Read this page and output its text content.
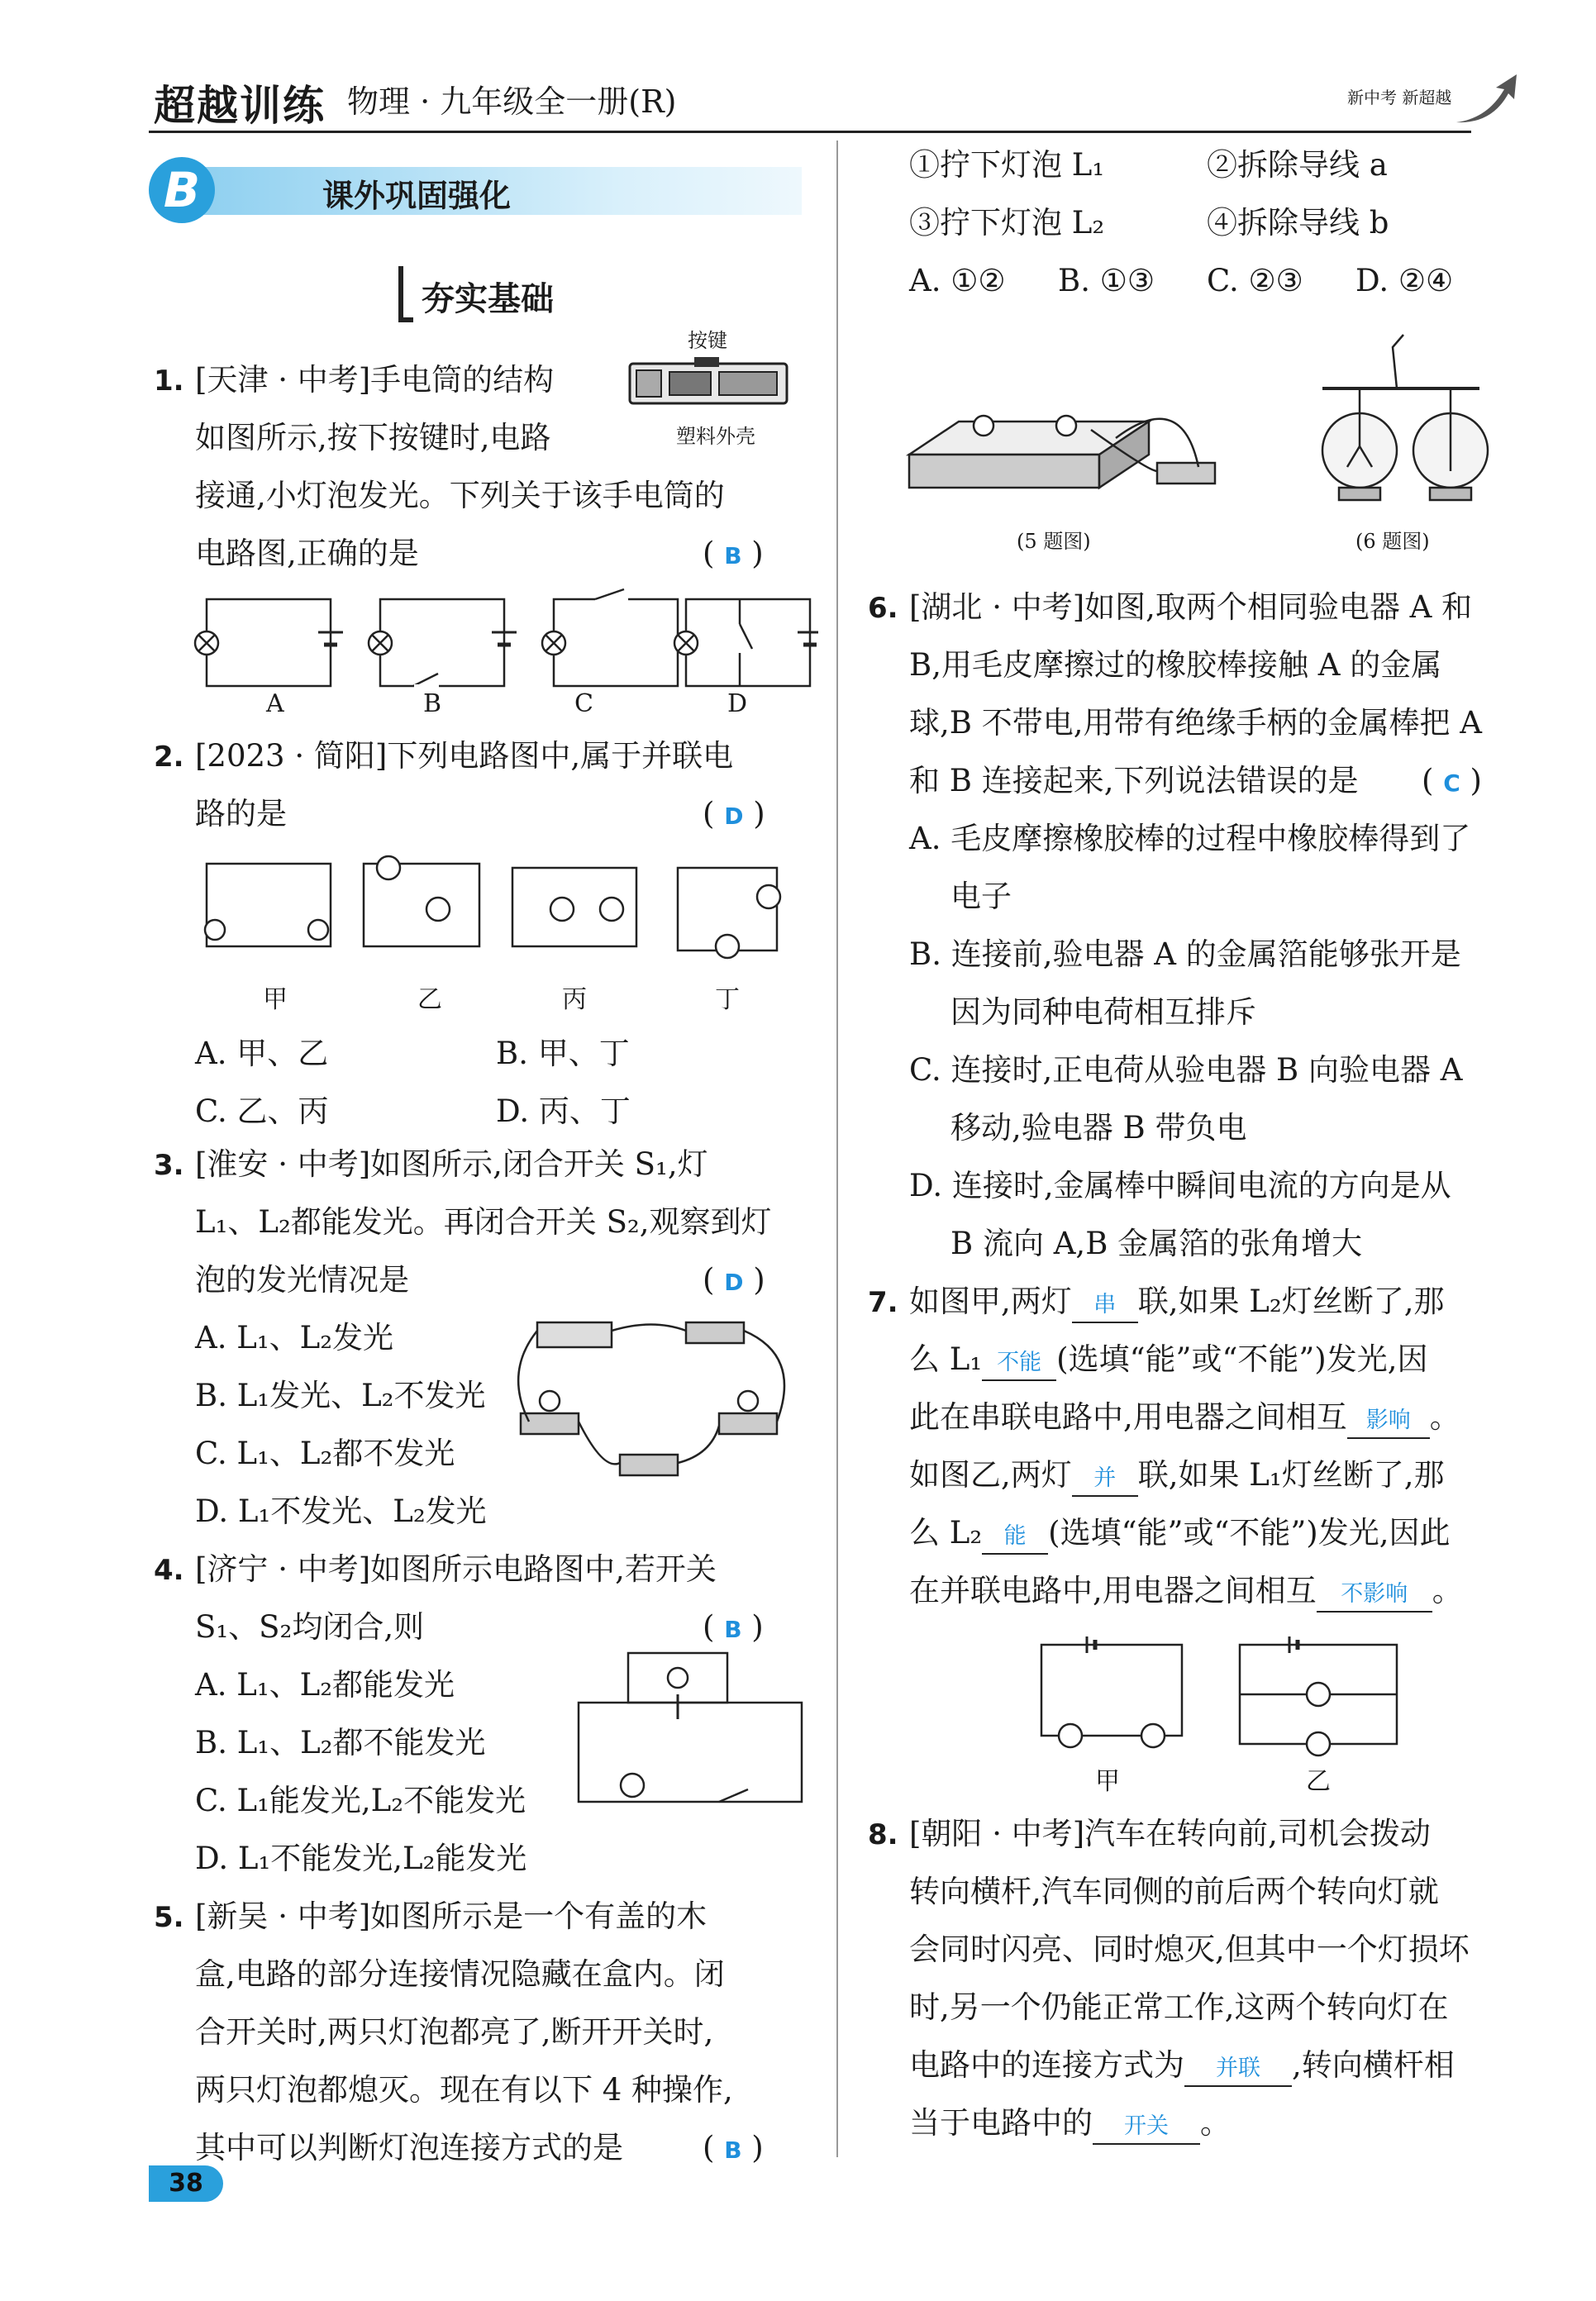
超越训练 物理 · 九年级全一册(R)	新中考 新超越
B	课外巩固强化
夯实基础
1. [天津 · 中考]手电筒的结构
如图所示,按下按键时,电路
接通,小灯泡发光。下列关于该手电筒的
电路图,正确的是	( B )
按键
塑料外壳
A	B	C	D
2. [2023 · 简阳]下列电路图中,属于并联电
路的是	( D )
甲	乙	丙	丁
A. 甲、乙	B. 甲、丁
C. 乙、丙	D. 丙、丁
3. [淮安 · 中考]如图所示,闭合开关 S₁,灯
L₁、L₂都能发光。再闭合开关 S₂,观察到灯
泡的发光情况是	( D )
A. L₁、L₂发光
B. L₁发光、L₂不发光
C. L₁、L₂都不发光
D. L₁不发光、L₂发光
4. [济宁 · 中考]如图所示电路图中,若开关
S₁、S₂均闭合,则	( B )
A. L₁、L₂都能发光
B. L₁、L₂都不能发光
C. L₁能发光,L₂不能发光
D. L₁不能发光,L₂能发光
5. [新吴 · 中考]如图所示是一个有盖的木
盒,电路的部分连接情况隐藏在盒内。闭
合开关时,两只灯泡都亮了,断开开关时,
两只灯泡都熄灭。现在有以下 4 种操作,
其中可以判断灯泡连接方式的是	( B )
38
①拧下灯泡 L₁	②拆除导线 a
③拧下灯泡 L₂	④拆除导线 b
A. ①② B. ①③ C. ②③ D. ②④
(5 题图)	(6 题图)
6. [湖北 · 中考]如图,取两个相同验电器 A 和
B,用毛皮摩擦过的橡胶棒接触 A 的金属
球,B 不带电,用带有绝缘手柄的金属棒把 A
和 B 连接起来,下列说法错误的是 ( C )
A. 毛皮摩擦橡胶棒的过程中橡胶棒得到了
电子
B. 连接前,验电器 A 的金属箔能够张开是
因为同种电荷相互排斥
C. 连接时,正电荷从验电器 B 向验电器 A
移动,验电器 B 带负电
D. 连接时,金属棒中瞬间电流的方向是从
B 流向 A,B 金属箔的张角增大
7. 如图甲,两灯 串 联,如果 L₂灯丝断了,那
么 L₁ 不能 (选填“能”或“不能”)发光,因
此在串联电路中,用电器之间相互 影响 。
如图乙,两灯 并 联,如果 L₁灯丝断了,那
么 L₂ 能 (选填“能”或“不能”)发光,因此
在并联电路中,用电器之间相互 不影响 。
甲	乙
8. [朝阳 · 中考]汽车在转向前,司机会拨动
转向横杆,汽车同侧的前后两个转向灯就
会同时闪亮、同时熄灭,但其中一个灯损坏
时,另一个仍能正常工作,这两个转向灯在
电路中的连接方式为 并联 ,转向横杆相
当于电路中的 开关 。
